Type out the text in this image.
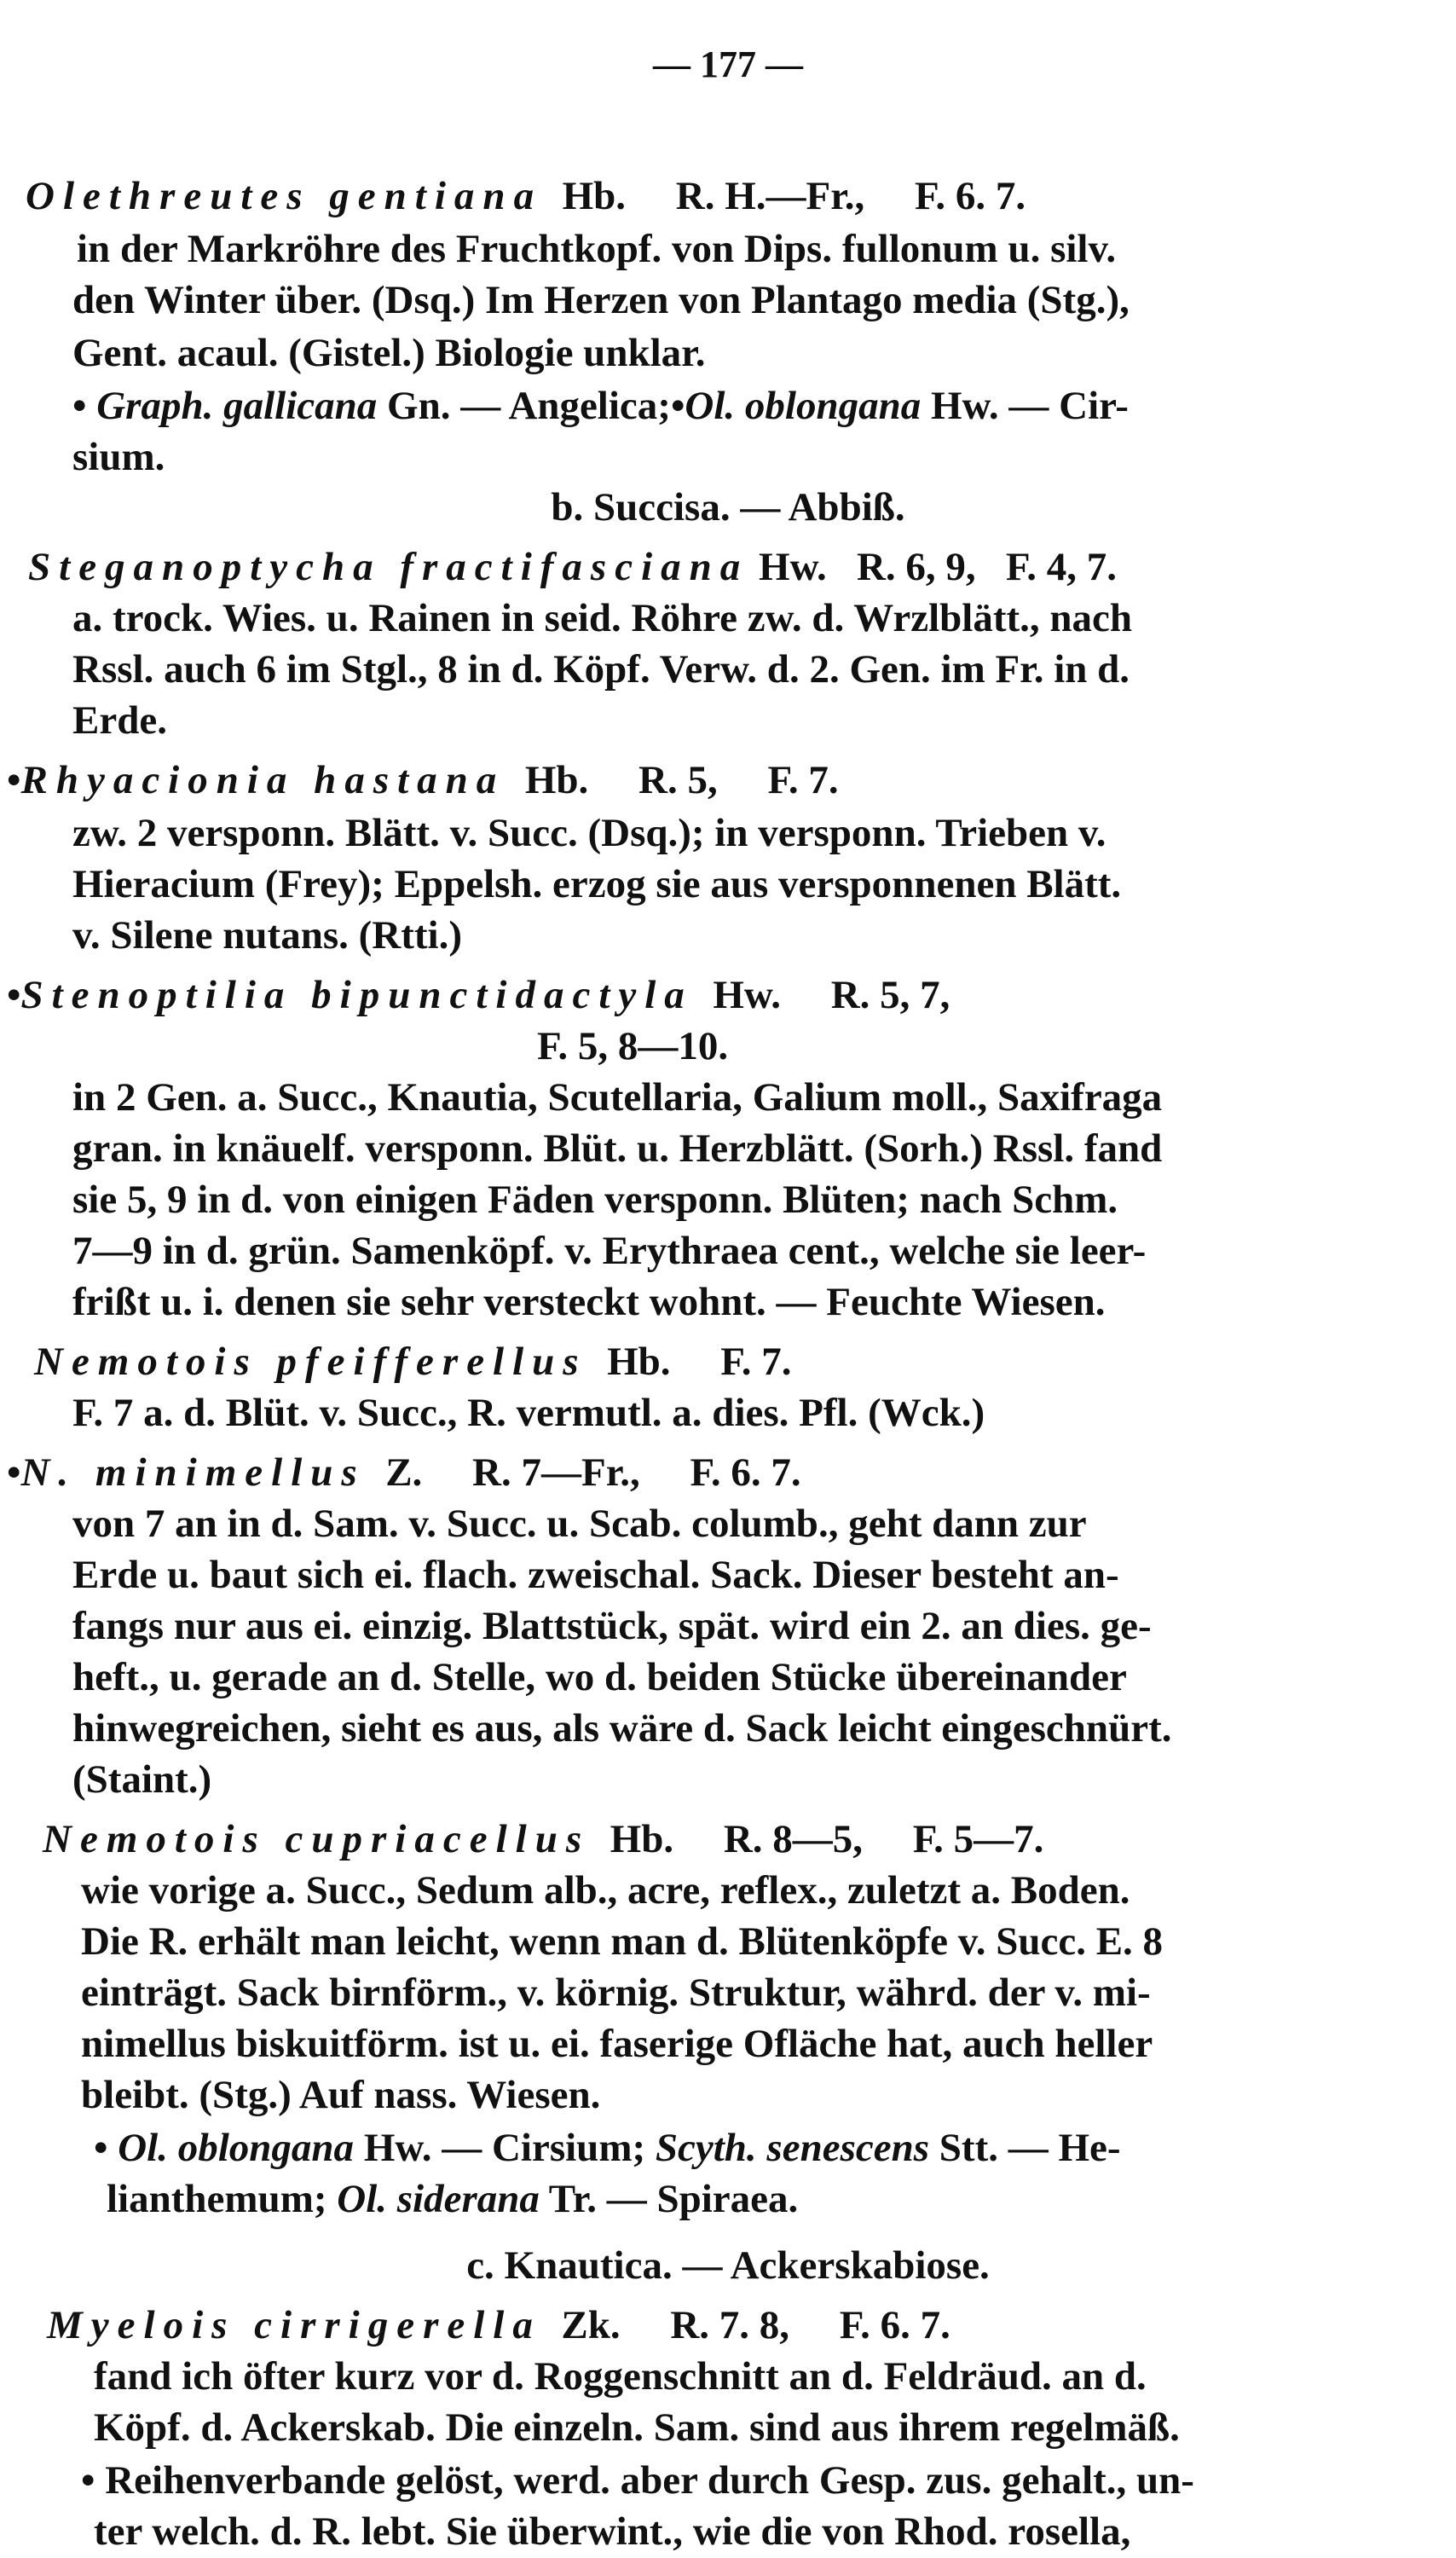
— 177 —
Olethreutes gentiana  Hb.     R. H.—Fr.,     F. 6. 7.
in der Markröhre des Fruchtkopf. von Dips. fullonum u. silv.
den Winter über. (Dsq.) Im Herzen von Plantago media (Stg.),
Gent. acaul. (Gistel.) Biologie unklar.
• Graph. gallicana Gn. — Angelica;•Ol. oblongana Hw. — Cir-
sium.
b. Succisa. — Abbiß.
Steganoptycha fractifasciana Hw.   R. 6, 9,   F. 4, 7.
a. trock. Wies. u. Rainen in seid. Röhre zw. d. Wrzlblätt., nach
Rssl. auch 6 im Stgl., 8 in d. Köpf. Verw. d. 2. Gen. im Fr. in d.
Erde.
•Rhyacionia hastana  Hb.     R. 5,     F. 7.
zw. 2 versponn. Blätt. v. Succ. (Dsq.); in versponn. Trieben v.
Hieracium (Frey); Eppelsh. erzog sie aus versponnenen Blätt.
v. Silene nutans. (Rtti.)
•Stenoptilia bipunctidactyla  Hw.     R. 5, 7,
F. 5, 8—10.
in 2 Gen. a. Succ., Knautia, Scutellaria, Galium moll., Saxifraga
gran. in knäuelf. versponn. Blüt. u. Herzblätt. (Sorh.) Rssl. fand
sie 5, 9 in d. von einigen Fäden versponn. Blüten; nach Schm.
7—9 in d. grün. Samenköpf. v. Erythraea cent., welche sie leer-
frißt u. i. denen sie sehr versteckt wohnt. — Feuchte Wiesen.
Nemotois pfeifferellus  Hb.     F. 7.
F. 7 a. d. Blüt. v. Succ., R. vermutl. a. dies. Pfl. (Wck.)
•N. minimellus  Z.     R. 7—Fr.,     F. 6. 7.
von 7 an in d. Sam. v. Succ. u. Scab. columb., geht dann zur
Erde u. baut sich ei. flach. zweischal. Sack. Dieser besteht an-
fangs nur aus ei. einzig. Blattstück, spät. wird ein 2. an dies. ge-
heft., u. gerade an d. Stelle, wo d. beiden Stücke übereinander
hinwegreichen, sieht es aus, als wäre d. Sack leicht eingeschnürt.
(Staint.)
Nemotois cupriacellus  Hb.     R. 8—5,     F. 5—7.
wie vorige a. Succ., Sedum alb., acre, reflex., zuletzt a. Boden.
Die R. erhält man leicht, wenn man d. Blütenköpfe v. Succ. E. 8
einträgt. Sack birnförm., v. körnig. Struktur, währd. der v. mi-
nimellus biskuitförm. ist u. ei. faserige Ofläche hat, auch heller
bleibt. (Stg.) Auf nass. Wiesen.
• Ol. oblongana Hw. — Cirsium; Scyth. senescens Stt. — He-
lianthemum; Ol. siderana Tr. — Spiraea.
c. Knautica. — Ackerskabiose.
Myelois cirrigerella  Zk.     R. 7. 8,     F. 6. 7.
fand ich öfter kurz vor d. Roggenschnitt an d. Feldräud. an d.
Köpf. d. Ackerskab. Die einzeln. Sam. sind aus ihrem regelmäß.
• Reihenverbande gelöst, werd. aber durch Gesp. zus. gehalt., un-
ter welch. d. R. lebt. Sie überwint., wie die von Rhod. rosella,
